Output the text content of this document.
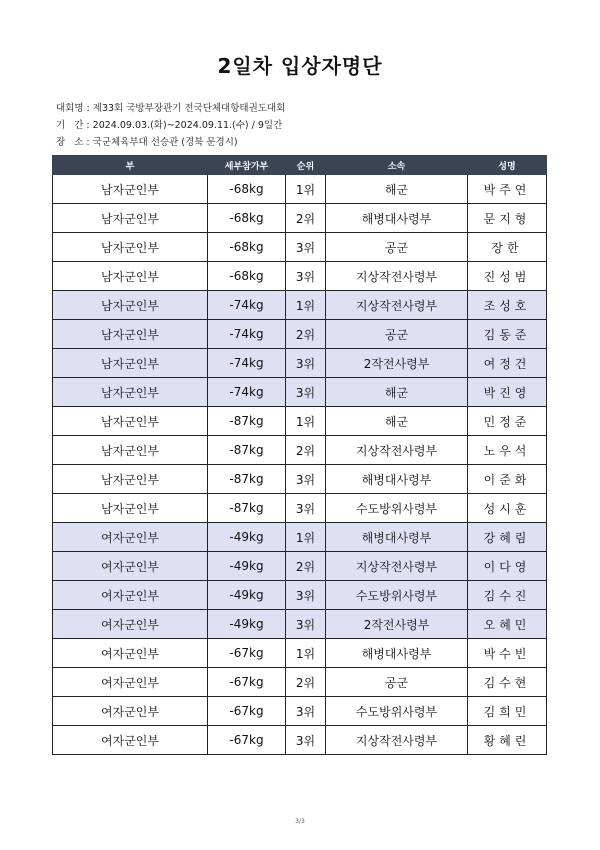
2일차 입상자명단
대회명 : 제33회 국방부장관기 전국단체대항태권도대회
기   간 : 2024.09.03.(화)~2024.09.11.(수) / 9일간
장   소 : 국군체육부대 선승관 (경북 문경시)
부	세부참가부	순위	소속	성명
남자군인부	-68kg	1위	해군	박주연
남자군인부	-68kg	2위	해병대사령부	문지형
남자군인부	-68kg	3위	공군	장한
남자군인부	-68kg	3위	지상작전사령부	진성범
남자군인부	-74kg	1위	지상작전사령부	조성호
남자군인부	-74kg	2위	공군	김동준
남자군인부	-74kg	3위	2작전사령부	여정건
남자군인부	-74kg	3위	해군	박진영
남자군인부	-87kg	1위	해군	민정준
남자군인부	-87kg	2위	지상작전사령부	노우석
남자군인부	-87kg	3위	해병대사령부	이준화
남자군인부	-87kg	3위	수도방위사령부	성시훈
여자군인부	-49kg	1위	해병대사령부	강혜림
여자군인부	-49kg	2위	지상작전사령부	이다영
여자군인부	-49kg	3위	수도방위사령부	김수진
여자군인부	-49kg	3위	2작전사령부	오혜민
여자군인부	-67kg	1위	해병대사령부	박수빈
여자군인부	-67kg	2위	공군	김수현
여자군인부	-67kg	3위	수도방위사령부	김희민
여자군인부	-67kg	3위	지상작전사령부	황혜린
3/3
